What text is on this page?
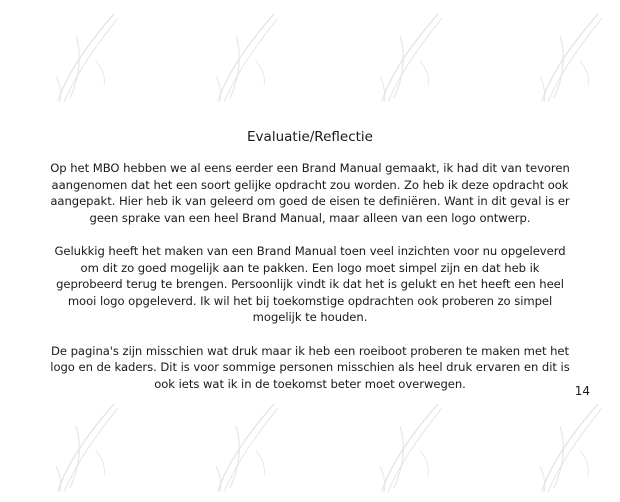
Evaluatie/Reflectie

Op het MBO hebben we al eens eerder een Brand Manual gemaakt, ik had dit van tevoren aangenomen dat het een soort gelijke opdracht zou worden. Zo heb ik deze opdracht ook aangepakt. Hier heb ik van geleerd om goed de eisen te definiëren. Want in dit geval is er geen sprake van een heel Brand Manual, maar alleen van een logo ontwerp.

Gelukkig heeft het maken van een Brand Manual toen veel inzichten voor nu opgeleverd om dit zo goed mogelijk aan te pakken. Een logo moet simpel zijn en dat heb ik geprobeerd terug te brengen. Persoonlijk vindt ik dat het is gelukt en het heeft een heel mooi logo opgeleverd. Ik wil het bij toekomstige opdrachten ook proberen zo simpel mogelijk te houden.

De pagina's zijn misschien wat druk maar ik heb een roeiboot proberen te maken met het logo en de kaders. Dit is voor sommige personen misschien als heel druk ervaren en dit is ook iets wat ik in de toekomst beter moet overwegen.

14
